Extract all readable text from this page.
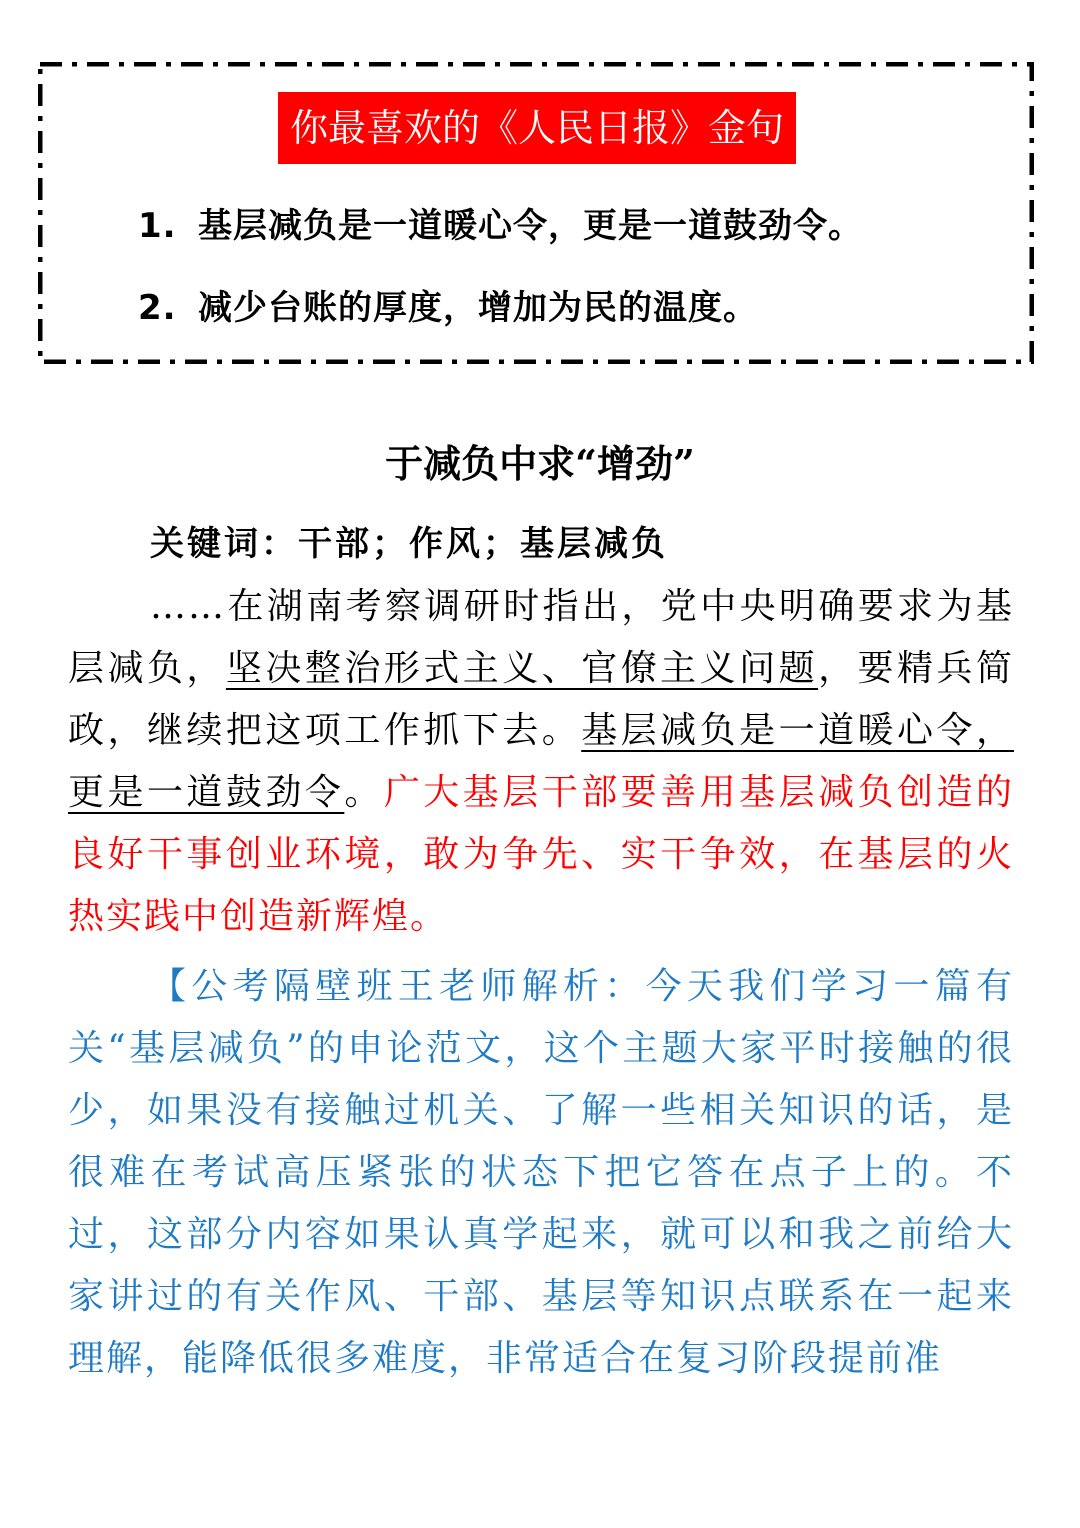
你最喜欢的《人民日报》金句
1. 基层减负是一道暖心令，更是一道鼓劲令。
2. 减少台账的厚度，增加为民的温度。
于减负中求“增劲”
关键词：干部；作风；基层减负
……在湖南考察调研时指出，党中央明确要求为基层减负，坚决整治形式主义、官僚主义问题，要精兵简政，继续把这项工作抓下去。基层减负是一道暖心令，更是一道鼓劲令。广大基层干部要善用基层减负创造的良好干事创业环境，敢为争先、实干争效，在基层的火热实践中创造新辉煌。
【公考隔壁班王老师解析：今天我们学习一篇有关“基层减负”的申论范文，这个主题大家平时接触的很少，如果没有接触过机关、了解一些相关知识的话，是很难在考试高压紧张的状态下把它答在点子上的。不过，这部分内容如果认真学起来，就可以和我之前给大家讲过的有关作风、干部、基层等知识点联系在一起来理解，能降低很多难度，非常适合在复习阶段提前准
